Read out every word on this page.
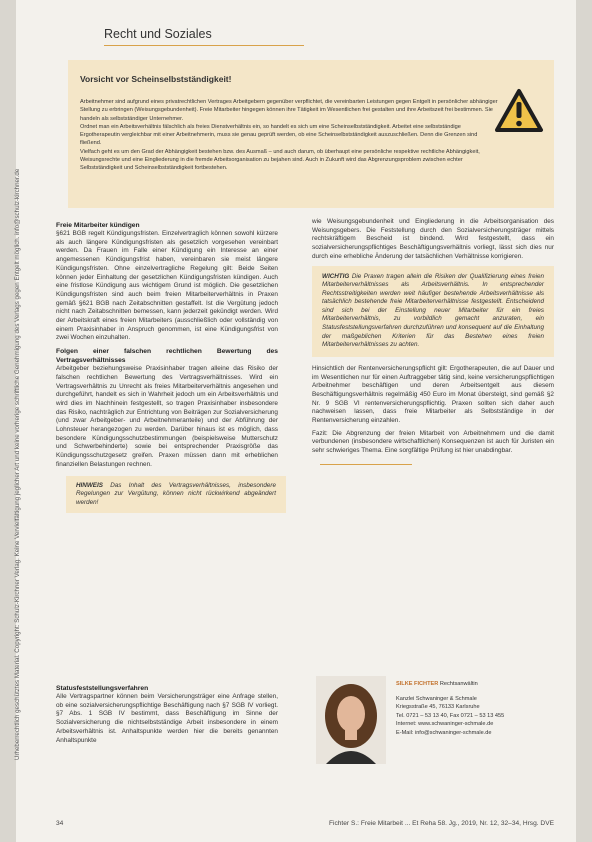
Urheberrechtlich geschütztes Material. Copyright: Schulz-Kirchner Verlag. Keine Vervielfältigung jeglicher Art und keine vorherige schriftliche Genehmigung des Verlags gegen Entgelt möglich. info@schulz-kirchner.de
Recht und Soziales
Vorsicht vor Scheinselbstständigkeit!

Arbeitnehmer sind aufgrund eines privatrechtlichen Vertrages Arbeitgebern gegenüber verpflichtet, die vereinbarten Leistungen gegen Entgelt in persönlicher abhängiger Stellung zu erbringen (Weisungsgebundenheit). Freie Mitarbeiter hingegen können ihre Tätigkeit im Wesentlichen frei gestalten und ihre Arbeitszeit frei bestimmen. Sie handeln als selbstständiger Unternehmer.

Ordnet man ein Arbeitsverhältnis fälschlich als freies Dienstverhältnis ein, so handelt es sich um eine Scheinselbstständigkeit. Arbeitet eine selbstständige Ergotherapeutin vergleichbar mit einer Arbeitnehmerin, muss sie genau geprüft werden, ob eine Scheinselbstständigkeit auszuschließen. Denn die Grenzen sind fließend.

Vielfach geht es um den Grad der Abhängigkeit bestehen bzw. des Ausmaß – und auch darum, ob überhaupt eine persönliche respektive rechtliche Abhängigkeit, Weisungsrechte und eine Eingliederung in die fremde Arbeitsorganisation zu bejahen sind. Auch in Zukunft wird das Abgrenzungsproblem zwischen echter Selbstständigkeit und Scheinselbstständigkeit fortbestehen.

Freie Mitarbeiter kündigen

§621 BGB regelt Kündigungsfristen. Einzelvertraglich können sowohl kürzere als auch längere Kündigungsfristen als gesetzlich vorgesehen vereinbart werden. Da Frauen im Falle einer Kündigung ein Interesse an einer angemessenen Kündigungsfrist haben, vereinbaren sie meist längere Kündigungsfristen. Ohne einzelvertragliche Regelung gilt: Beide Seiten können jeder Einhaltung der gesetzlichen Kündigungsfristen kündigen. Auch eine fristlose Kündigung aus wichtigem Grund ist möglich. Die gesetzlichen Kündigungsfristen sind auch beim freien Mitarbeiterverhältnis in Praxen gemäß §621 BGB nach Zeitabschnitten gestaffelt. Ist die Vergütung jedoch nicht nach Zeitabschnitten bemessen, kann jederzeit gekündigt werden. Wird der Arbeitskraft eines freien Mitarbeiters (ausschließlich oder vollständig von einem Praxisinhaber in Anspruch genommen, ist eine Kündigungsfrist von zwei Wochen einzuhalten.

Folgen einer falschen rechtlichen Bewertung des Vertragsverhältnisses

Arbeitgeber beziehungsweise Praxisinhaber tragen alleine das Risiko der falschen rechtlichen Bewertung des Vertragsverhältnisses. Wird ein Vertragsverhältnis zu Unrecht als freies Mitarbeiterverhältnis angesehen und durchgeführt, handelt es sich in Wahrheit jedoch um ein Arbeitsverhältnis und wird dies im Nachhinein festgestellt, so tragen Praxisinhaber insbesondere das Risiko, nachträglich zur Entrichtung von Beiträgen zur Sozialversicherung (und zwar Arbeitgeber- und Arbeitnehmeranteile) und der Abführung der Lohnsteuer herangezogen zu werden. Darüber hinaus ist es möglich, dass besondere Kündigungsschutzbestimmungen (beispielsweise Mutterschutz und Schwerbehinderte) sowie bei entsprechender Praxisgröße das Kündigungsschutzgesetz greifen. Praxen müssen dann mit erheblichen finanziellen Belastungen rechnen.

HINWEIS Das Inhalt des Vertragsverhältnisses, insbesondere Regelungen zur Vergütung, können nicht rückwirkend abgeändert werden!
Statusfeststellungsverfahren

Alle Vertragspartner können beim Versicherungsträger eine Anfrage stellen, ob eine sozialversicherungspflichtige Beschäftigung nach §7 SGB IV vorliegt. §7 Abs. 1 SGB IV bestimmt, dass Beschäftigung im Sinne der Sozialversicherung die nichtselbstständige Arbeit insbesondere in einem Arbeitsverhältnis ist. Anhaltspunkte werden hier die bereits genannten Anhaltspunkte

wie Weisungsgebundenheit und Eingliederung in die Arbeitsorganisation des Weisungsgebers. Die Feststellung durch den Sozialversicherungsträger mittels rechtskräftigem Bescheid ist bindend. Wird festgestellt, dass ein sozialversicherungspflichtiges Beschäftigungsverhältnis vorliegt, lässt sich dies nur durch eine erhebliche Änderung der tatsächlichen Verhältnisse korrigieren.

WICHTIG Die Praxen tragen allein die Risiken der Qualifizierung eines freien Mitarbeiterverhältnisses als Arbeitsverhältnis. In entsprechender Rechtsstreitigkeiten werden weit häufiger bestehende Arbeitsverhältnisse als tatsächlich bestehende freie Mitarbeiterverhältnisse festgestellt. Entscheidend sind sich bei der Einstellung neuer Mitarbeiter für ein freies Mitarbeiterverhältnis, zu vorbildlich gemacht anzuraten, ein Statusfeststellungsverfahren durchzuführen und konsequent auf die Einhaltung der maßgeblichen Kriterien für das Bestehen eines freien Mitarbeiterverhältnisses zu achten.

Hinsichtlich der Rentenversicherungspflicht gilt: Ergotherapeuten, die auf Dauer und im Wesentlichen nur für einen Auftraggeber tätig sind, keine versicherungspflichtigen Arbeitnehmer beschäftigen und deren Arbeitsentgelt aus diesem Beschäftigungsverhältnis regelmäßig 450 Euro im Monat übersteigt, sind gemäß §2 Nr. 9 SGB VI rentenversicherungspflichtig. Praxen sollten sich daher auch nachweisen lassen, dass freie Mitarbeiter als Selbstständige in der Rentenversicherung einzahlen.

Fazit: Die Abgrenzung der freien Mitarbeit von Arbeitnehmern und die damit verbundenen (insbesondere wirtschaftlichen) Konsequenzen ist auch für Juristen ein sehr schwieriges Thema. Eine sorgfältige Prüfung ist hier unabdingbar.

SILKE FICHTER Rechtsanwältin
Kanzlei Schwaninger & Schmale
Kriegsstraße 45, 76133 Karlsruhe
Tel. 0721 – 53 13 40, Fax 0721 – 53 13 455
Internet: www.schwaninger-schmale.de
E-Mail: info@schwaninger-schmale.de
34	Fichter S.: Freie Mitarbeit ... Et Reha 58. Jg., 2019, Nr. 12, 32–34, Hrsg. DVE
